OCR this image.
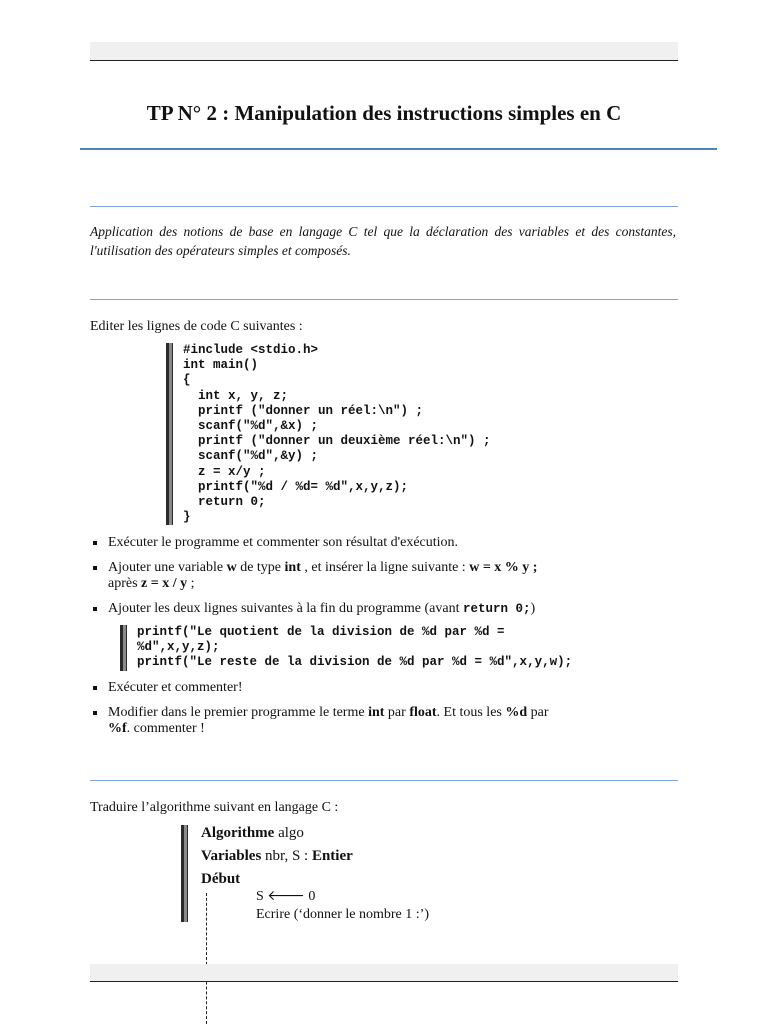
TP N° 2 : Manipulation des instructions simples en C
Application des notions de base en langage C tel que la déclaration des variables et des constantes, l'utilisation des opérateurs simples et composés.
Editer les lignes de code C suivantes :
#include <stdio.h>
int main()
{
int x, y, z;
printf ("donner un réel:\n") ;
scanf("%d",&x) ;
printf ("donner un deuxième réel:\n") ;
scanf("%d",&y) ;
z = x/y ;
printf("%d / %d= %d",x,y,z);
return 0;
}
Exécuter le programme et commenter son résultat d'exécution.
Ajouter une variable w de type int , et insérer la ligne suivante : w = x % y ;
après z = x / y ;
Ajouter les deux lignes suivantes à la fin du programme (avant return 0;)
printf("Le quotient de la division de %d par %d =
%d",x,y,z);
printf("Le reste de la division de %d par %d = %d",x,y,w);
Exécuter et commenter!
Modifier dans le premier programme le terme int par float. Et tous les %d par
%f. commenter !
Traduire l’algorithme suivant en langage C :
Algorithme algo
Variables nbr, S : Entier
Début
S 🡐 0
Ecrire (‘donner le nombre 1 :’)
